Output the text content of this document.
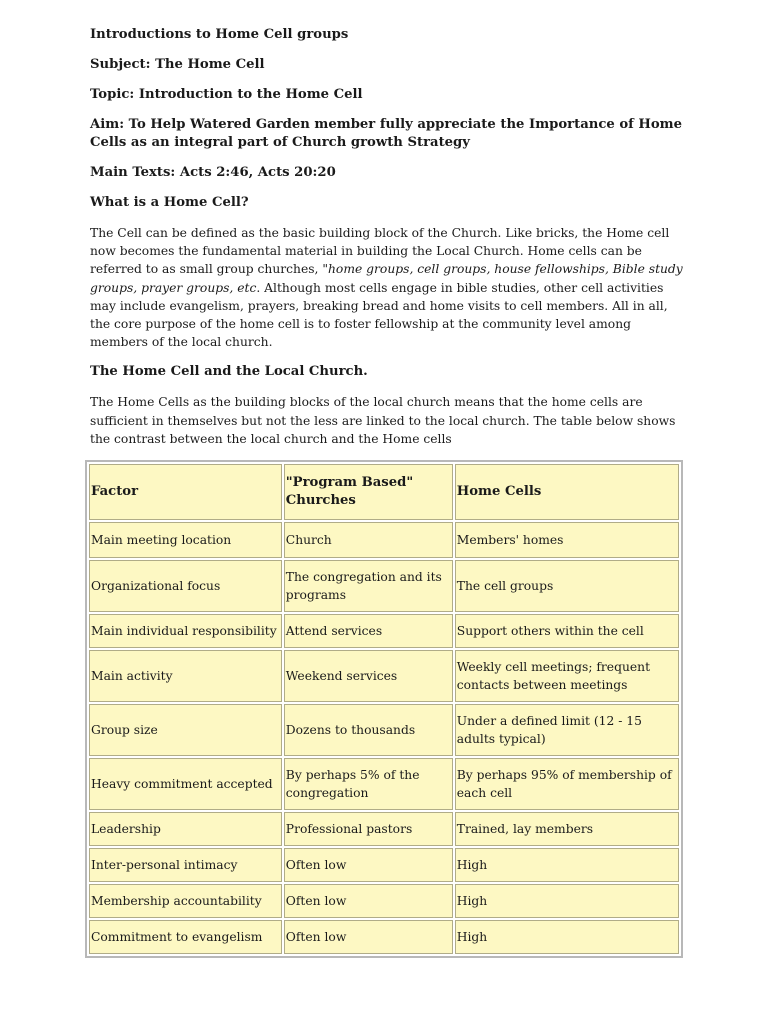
Introductions to Home Cell groups

Subject: The Home Cell

Topic: Introduction to the Home Cell

Aim: To Help Watered Garden member fully appreciate the Importance of Home Cells as an integral part of Church growth Strategy

Main Texts: Acts 2:46, Acts 20:20

What is a Home Cell?

The Cell can be defined as the basic building block of the Church. Like bricks, the Home cell now becomes the fundamental material in building the Local Church. Home cells can be referred to as small group churches, "home groups, cell groups, house fellowships, Bible study groups, prayer groups, etc. Although most cells engage in bible studies, other cell activities may include evangelism, prayers, breaking bread and home visits to cell members. All in all, the core purpose of the home cell is to foster fellowship at the community level among members of the local church.

The Home Cell and the Local Church.

The Home Cells as the building blocks of the local church means that the home cells are sufficient in themselves but not the less are linked to the local church. The table below shows the contrast between the local church and the Home cells

Factor	"Program Based" Churches	Home Cells
Main meeting location	Church	Members' homes
Organizational focus	The congregation and its programs	The cell groups
Main individual responsibility	Attend services	Support others within the cell
Main activity	Weekend services	Weekly cell meetings; frequent contacts between meetings
Group size	Dozens to thousands	Under a defined limit (12 - 15 adults typical)
Heavy commitment accepted	By perhaps 5% of the congregation	By perhaps 95% of membership of each cell
Leadership	Professional pastors	Trained, lay members
Inter-personal intimacy	Often low	High
Membership accountability	Often low	High
Commitment to evangelism	Often low	High
